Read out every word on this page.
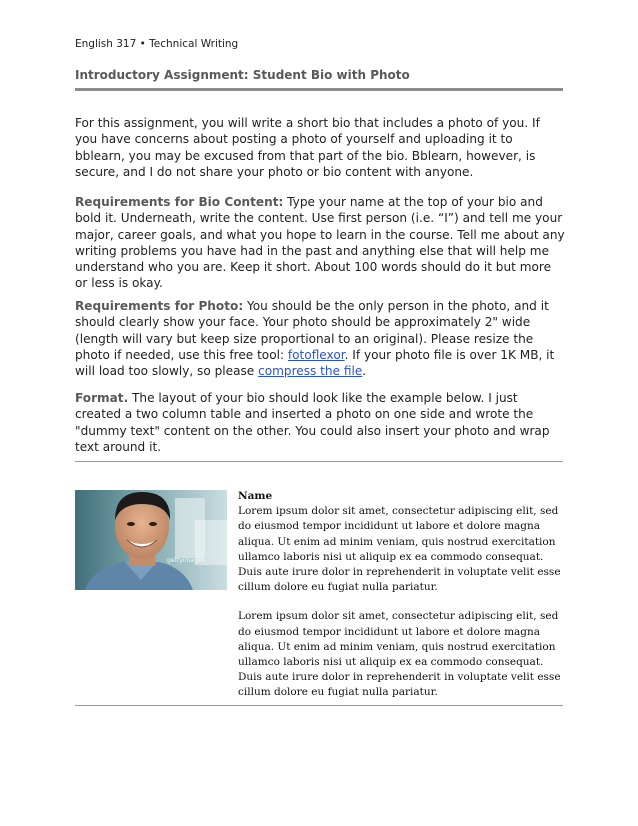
English 317 • Technical Writing
Introductory Assignment: Student Bio with Photo
For this assignment, you will write a short bio that includes a photo of you. If you have concerns about posting a photo of yourself and uploading it to bblearn, you may be excused from that part of the bio. Bblearn, however, is secure, and I do not share your photo or bio content with anyone.
Requirements for Bio Content: Type your name at the top of your bio and bold it. Underneath, write the content. Use first person (i.e. “I”) and tell me your major, career goals, and what you hope to learn in the course. Tell me about any writing problems you have had in the past and anything else that will help me understand who you are. Keep it short. About 100 words should do it but more or less is okay.
Requirements for Photo: You should be the only person in the photo, and it should clearly show your face. Your photo should be approximately 2" wide (length will vary but keep size proportional to an original). Please resize the photo if needed, use this free tool: fotoflexor. If your photo file is over 1K MB, it will load too slowly, so please compress the file.
Format. The layout of your bio should look like the example below. I just created a two column table and inserted a photo on one side and wrote the "dummy text" content on the other. You could also insert your photo and wrap text around it.
gettyimages
Name

Lorem ipsum dolor sit amet, consectetur adipiscing elit, sed do eiusmod tempor incididunt ut labore et dolore magna aliqua. Ut enim ad minim veniam, quis nostrud exercitation ullamco laboris nisi ut aliquip ex ea commodo consequat. Duis aute irure dolor in reprehenderit in voluptate velit esse cillum dolore eu fugiat nulla pariatur.

Lorem ipsum dolor sit amet, consectetur adipiscing elit, sed do eiusmod tempor incididunt ut labore et dolore magna aliqua. Ut enim ad minim veniam, quis nostrud exercitation ullamco laboris nisi ut aliquip ex ea commodo consequat. Duis aute irure dolor in reprehenderit in voluptate velit esse cillum dolore eu fugiat nulla pariatur.
